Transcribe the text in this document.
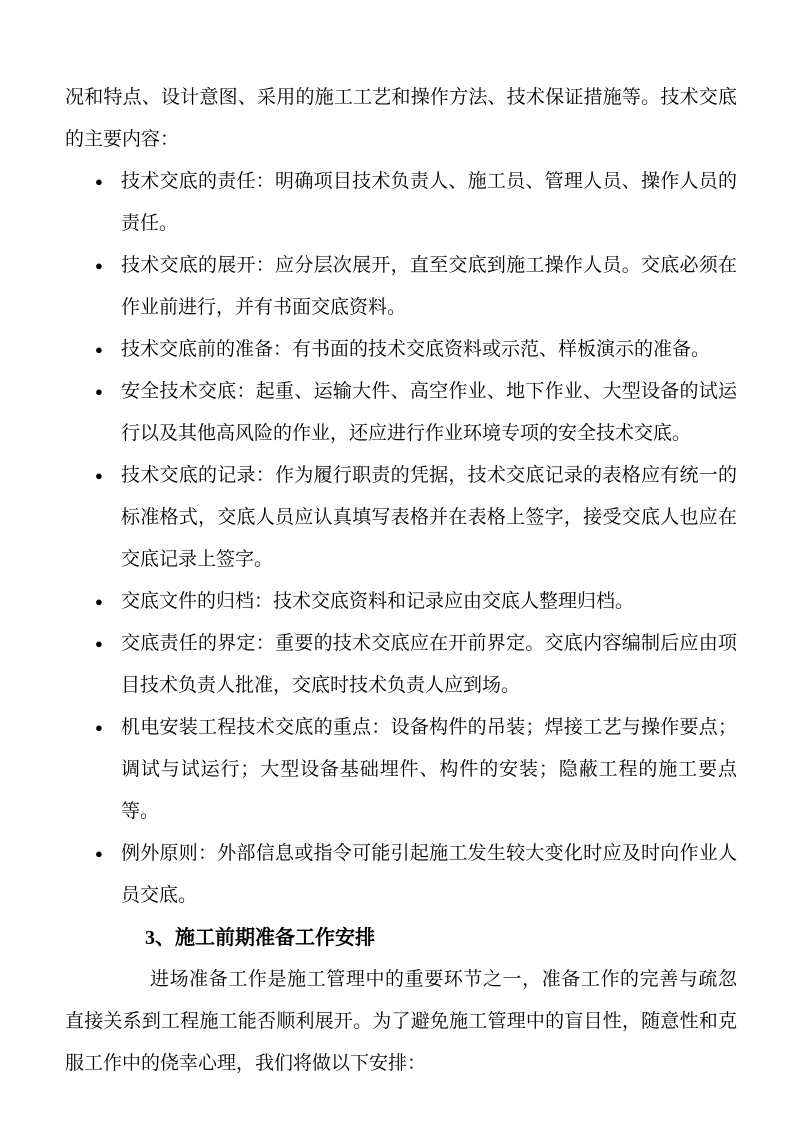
况和特点、设计意图、采用的施工工艺和操作方法、技术保证措施等。技术交底的主要内容：

● 技术交底的责任：明确项目技术负责人、施工员、管理人员、操作人员的责任。
● 技术交底的展开：应分层次展开，直至交底到施工操作人员。交底必须在作业前进行，并有书面交底资料。
● 技术交底前的准备：有书面的技术交底资料或示范、样板演示的准备。
● 安全技术交底：起重、运输大件、高空作业、地下作业、大型设备的试运行以及其他高风险的作业，还应进行作业环境专项的安全技术交底。
● 技术交底的记录：作为履行职责的凭据，技术交底记录的表格应有统一的标准格式，交底人员应认真填写表格并在表格上签字，接受交底人也应在交底记录上签字。
● 交底文件的归档：技术交底资料和记录应由交底人整理归档。
● 交底责任的界定：重要的技术交底应在开前界定。交底内容编制后应由项目技术负责人批准，交底时技术负责人应到场。
● 机电安装工程技术交底的重点：设备构件的吊装；焊接工艺与操作要点；调试与试运行；大型设备基础埋件、构件的安装；隐蔽工程的施工要点等。
● 例外原则：外部信息或指令可能引起施工发生较大变化时应及时向作业人员交底。
3、施工前期准备工作安排

进场准备工作是施工管理中的重要环节之一，准备工作的完善与疏忽直接关系到工程施工能否顺利展开。为了避免施工管理中的盲目性，随意性和克服工作中的侥幸心理，我们将做以下安排：
